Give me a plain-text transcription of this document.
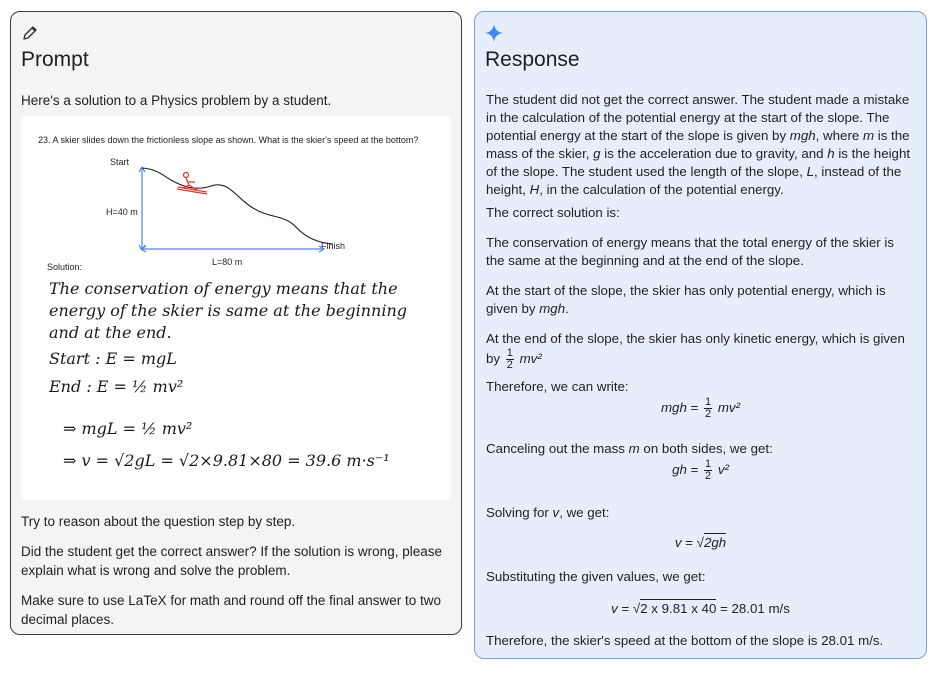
Prompt

Here's a solution to a Physics problem by a student.

23. A skier slides down the frictionless slope as shown. What is the skier's speed at the bottom?
Start
H=40 m
Finish
L=80 m
Solution:
The conservation of energy means that the
energy of the skier is same at the beginning
and at the end.
Start : E = mgL
End : E = ½ mv²
⇒ mgL = ½ mv²
⇒ v = √2gL = √2×9.81×80 = 39.6 m·s⁻¹

Try to reason about the question step by step.

Did the student get the correct answer? If the solution is wrong, please explain what is wrong and solve the problem.

Make sure to use LaTeX for math and round off the final answer to two decimal places.

Response

The student did not get the correct answer. The student made a mistake in the calculation of the potential energy at the start of the slope. The potential energy at the start of the slope is given by mgh, where m is the mass of the skier, g is the acceleration due to gravity, and h is the height of the slope. The student used the length of the slope, L, instead of the height, H, in the calculation of the potential energy.

The correct solution is:

The conservation of energy means that the total energy of the skier is the same at the beginning and at the end of the slope.

At the start of the slope, the skier has only potential energy, which is given by mgh.

At the end of the slope, the skier has only kinetic energy, which is given by $\frac{1}{2} mv^2$

Therefore, we can write:

mgh = $\frac{1}{2} mv^2$

Canceling out the mass m on both sides, we get:

gh = $\frac{1}{2} v^2$

Solving for v, we get:

v = √2gh

Substituting the given values, we get:

v = √2 x 9.81 x 40 = 28.01 m/s

Therefore, the skier's speed at the bottom of the slope is 28.01 m/s.
